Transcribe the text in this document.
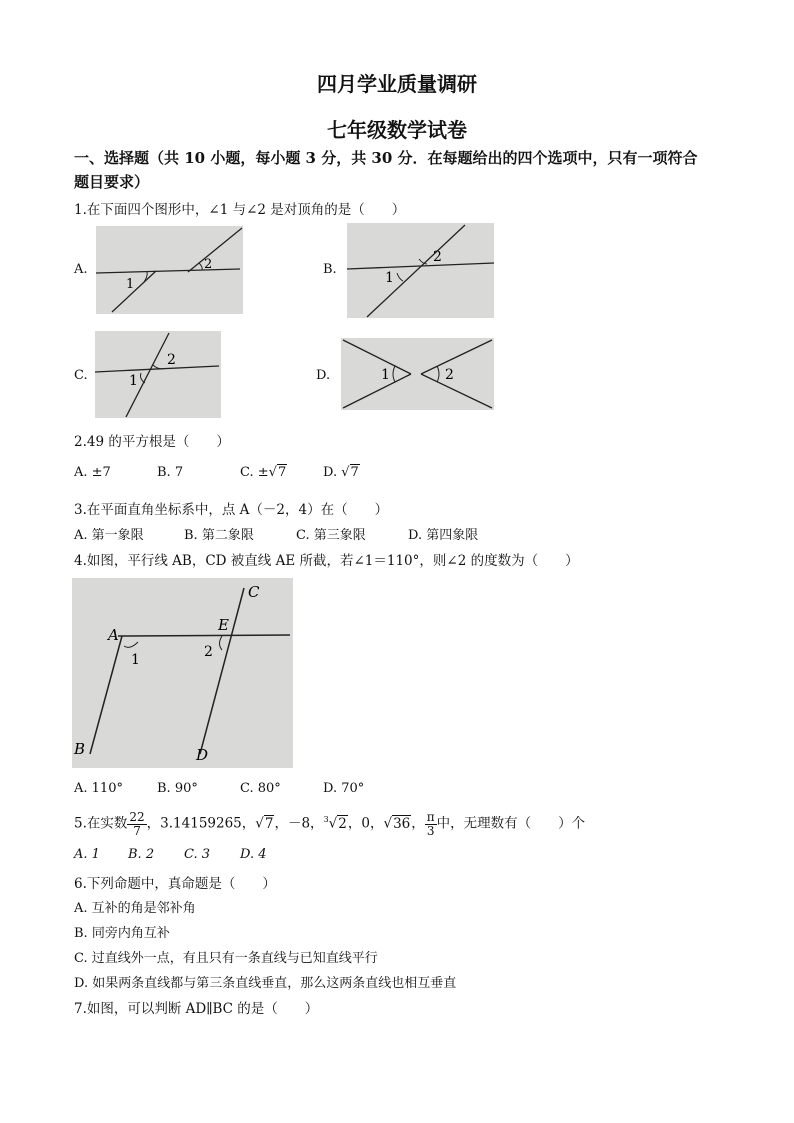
四月学业质量调研
七年级数学试卷
一、选择题（共 10 小题，每小题 3 分，共 30 分．在每题给出的四个选项中，只有一项符合
题目要求）
1.在下面四个图形中，∠1 与∠2 是对顶角的是（　　）
A.
1
2	B.
1
2
C.	1
2
D.	1	2
2.49 的平方根是（　　）
A. ±7	B. 7	C. ±√7	D. √7
3.在平面直角坐标系中，点 A（－2，4）在（　　）
A. 第一象限	B. 第二象限	C. 第三象限	D. 第四象限
4.如图，平行线 AB，CD 被直线 AE 所截，若∠1＝110°，则∠2 的度数为（　　）
A
B
C
D
E
1	2
A. 110°	B. 90°	C. 80°	D. 70°
5.在实数 $\frac{22}{7}$ ，3.14159265，√7，－8，$^3$√2，0，√36， $\frac{\pi}{3}$ 中，无理数有（　　）个
A. 1 B. 2 C. 3 D. 4
6.下列命题中，真命题是（　　）
A. 互补的角是邻补角
B. 同旁内角互补
C. 过直线外一点，有且只有一条直线与已知直线平行
D. 如果两条直线都与第三条直线垂直，那么这两条直线也相互垂直
7.如图，可以判断 AD∥BC 的是（　　）
